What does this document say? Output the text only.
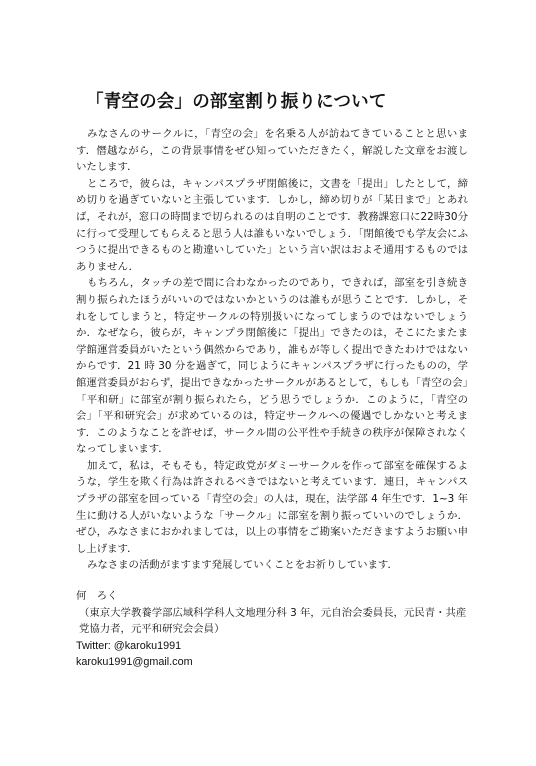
「青空の会」の部室割り振りについて

みなさんのサークルに，「青空の会」を名乗る人が訪ねてきていることと思います．僭越ながら，この背景事情をぜひ知っていただきたく，解説した文章をお渡しいたします．

ところで，彼らは，キャンパスプラザ閉館後に，文書を「提出」したとして，締め切りを過ぎていないと主張しています．しかし，締め切りが「某日まで」とあれば，それが，窓口の時間まで切られるのは自明のことです．教務課窓口に22時30分に行って受理してもらえると思う人は誰もいないでしょう．「閉館後でも学友会にふつうに提出できるものと勘違いしていた」という言い訳はおよそ通用するものではありません．

もちろん，タッチの差で間に合わなかったのであり，できれば，部室を引き続き割り振られたほうがいいのではないかというのは誰もが思うことです．しかし，それをしてしまうと，特定サークルの特別扱いになってしまうのではないでしょうか．なぜなら，彼らが，キャンプラ閉館後に「提出」できたのは，そこにたまたま学館運営委員がいたという偶然からであり，誰もが等しく提出できたわけではないからです．21 時 30 分を過ぎて，同じようにキャンパスプラザに行ったものの，学館運営委員がおらず，提出できなかったサークルがあるとして，もしも「青空の会」「平和研」に部室が割り振られたら，どう思うでしょうか．このように，「青空の会」「平和研究会」が求めているのは，特定サークルへの優遇でしかないと考えます．このようなことを許せば，サークル間の公平性や手続きの秩序が保障されなくなってしまいます．

加えて，私は，そもそも，特定政党がダミーサークルを作って部室を確保するような，学生を欺く行為は許されるべきではないと考えています．連日，キャンパスプラザの部室を回っている「青空の会」の人は，現在，法学部 4 年生です．1~3 年生に動ける人がいないような「サークル」に部室を割り振っていいのでしょうか．ぜひ，みなさまにおかれましては，以上の事情をご勘案いただきますようお願い申し上げます．

みなさまの活動がますます発展していくことをお祈りしています．

何　ろく

（東京大学教養学部広域科学科人文地理分科 3 年，元自治会委員長，元民青・共産党協力者，元平和研究会会員）

Twitter: @karoku1991

karoku1991@gmail.com
